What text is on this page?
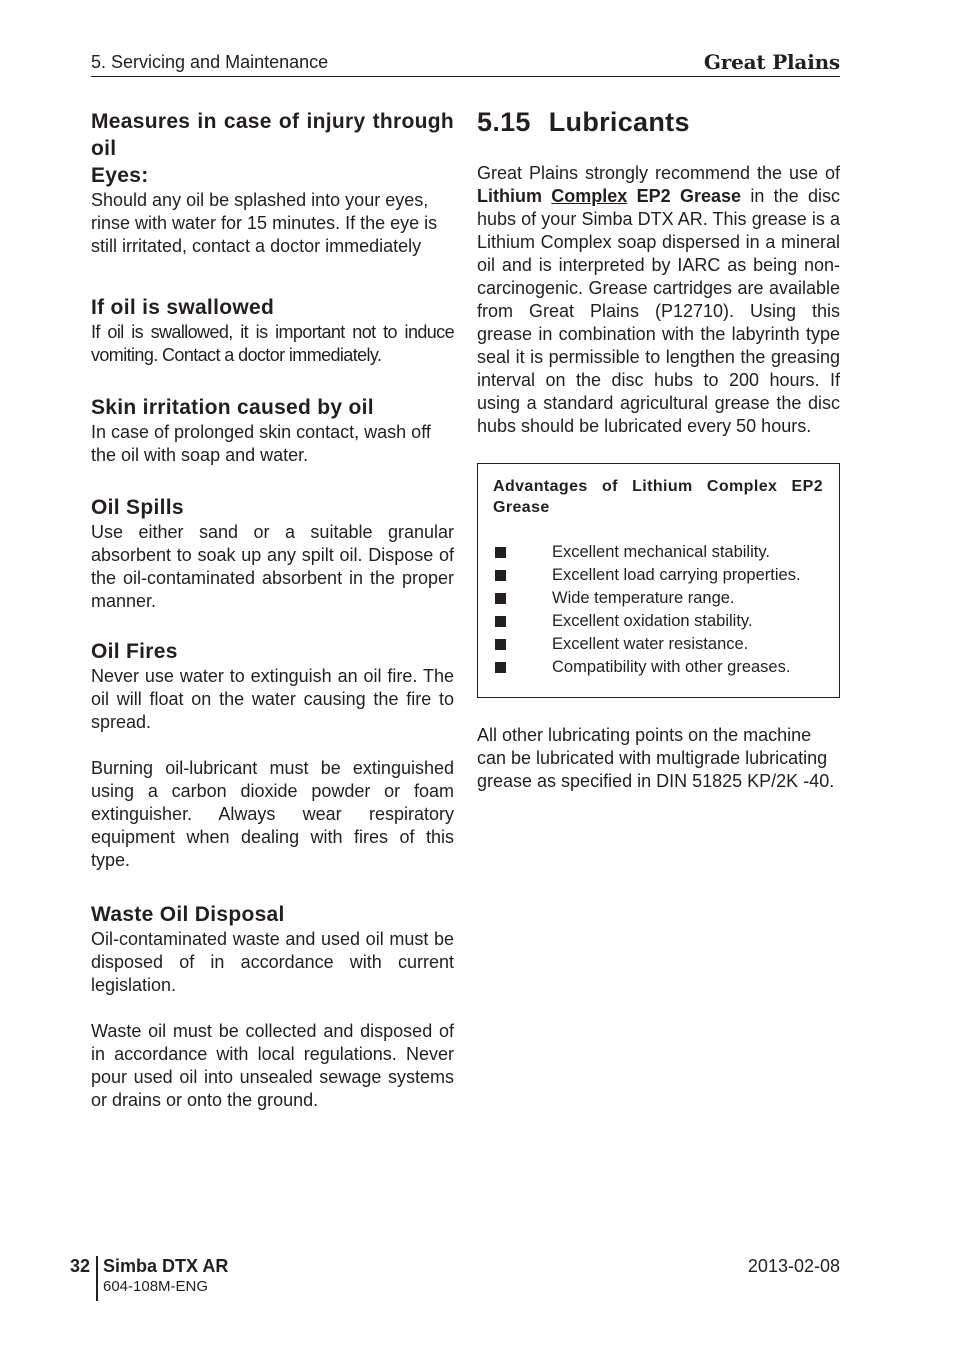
5. Servicing and Maintenance	Great Plains
Measures in case of injury through oil
Eyes:

Should any oil be splashed into your eyes, rinse with water for 15 minutes. If the eye is still irritated, contact a doctor immediately

If oil is swallowed

If oil is swallowed, it is important not to induce vomiting. Contact a doctor immediately.

Skin irritation caused by oil

In case of prolonged skin contact, wash off the oil with soap and water.

Oil Spills

Use either sand or a suitable granular absorbent to soak up any spilt oil. Dispose of the oil-contaminated absorbent in the proper manner.

Oil Fires

Never use water to extinguish an oil fire. The oil will float on the water causing the fire to spread.

Burning oil-lubricant must be extinguished using a carbon dioxide powder or foam extinguisher. Always wear respiratory equipment when dealing with fires of this type.

Waste Oil Disposal

Oil-contaminated waste and used oil must be disposed of in accordance with current legislation.

Waste oil must be collected and disposed of in accordance with local regulations. Never pour used oil into unsealed sewage systems or drains or onto the ground.

5.15 Lubricants

Great Plains strongly recommend the use of Lithium Complex EP2 Grease in the disc hubs of your Simba DTX AR. This grease is a Lithium Complex soap dispersed in a mineral oil and is interpreted by IARC as being non-carcinogenic. Grease cartridges are available from Great Plains (P12710). Using this grease in combination with the labyrinth type seal it is permissible to lengthen the greasing interval on the disc hubs to 200 hours. If using a standard agricultural grease the disc hubs should be lubricated every 50 hours.

Advantages of Lithium Complex EP2 Grease
Excellent mechanical stability.
Excellent load carrying properties.
Wide temperature range.
Excellent oxidation stability.
Excellent water resistance.
Compatibility with other greases.

All other lubricating points on the machine can be lubricated with multigrade lubricating grease as specified in DIN 51825 KP/2K -40.

32 Simba DTX AR
604-108M-ENG
2013-02-08
